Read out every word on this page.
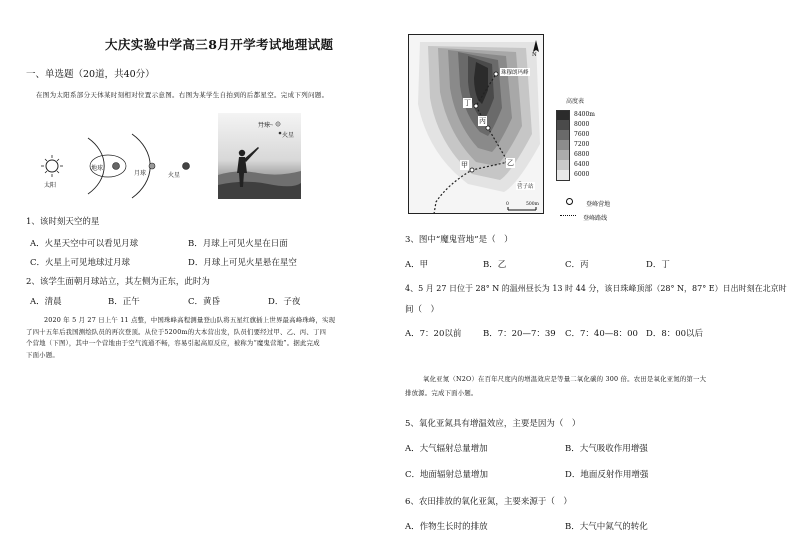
大庆实验中学高三8月开学考试地理试题
一、单选题（20道，共40分）
在图为太阳系部分天体某时刻相对位置示意图。右图为某学生自拍到的后都星空。完成下列问题。
太阳
地球
月球	火星
月球
火星
1、该时刻天空的星
A．火星天空中可以看见月球	B．月球上可见火星在日面
C．火星上可见地球过月球	D．月球上可见火星悬在星空
2、该学生面朝月球站立，其左侧为正东，此时为
A．清晨	B．正午	C．黄昏	D．子夜
2020 年 5 月 27 日上午 11 点整，中国珠峰高程测量登山队将五星红旗插上世界最高峰珠峰，实现
了四十五年后我国测绘队员的再次登顶。从位于5200m的大本营出发，队员们要经过甲、乙、丙、丁四
个营地（下图），其中一个营地由于空气流通不畅，容易引起高原反应，被称为“魔鬼营地”。据此完成
下面小题。
珠穆朗玛峰
N
丁
丙
甲	乙
营子站
0	500m
高度表
$^{8400m}$
$^{8000}$
$^{7600}$
$^{7200}$
$^{6800}$
$^{6400}$
$^{6000}$
登峰营地
登峰路线
3、图中“魔鬼营地”是（　）
A．甲	B．乙	C．丙	D．丁
4、5 月 27 日位于 28° N 的温州昼长为 13 时 44 分，该日珠峰顶部（28° N，87° E）日出时刻在北京时
间（　）
A．7：20以前	B．7：20—7：39 C．7：40—8：00 D．8：00以后
氧化亚氮（N2O）在百年尺度内的增温效应是等量二氧化碳的 300 倍。农田是氧化亚氮的第一大
排放源。完成下面小题。
5、氧化亚氮具有增温效应，主要是因为（　）
A．大气辐射总量增加	B．大气吸收作用增强
C．地面辐射总量增加	D．地面反射作用增强
6、农田排放的氧化亚氮，主要来源于（　）
A．作物生长时的排放	B．大气中氮气的转化
